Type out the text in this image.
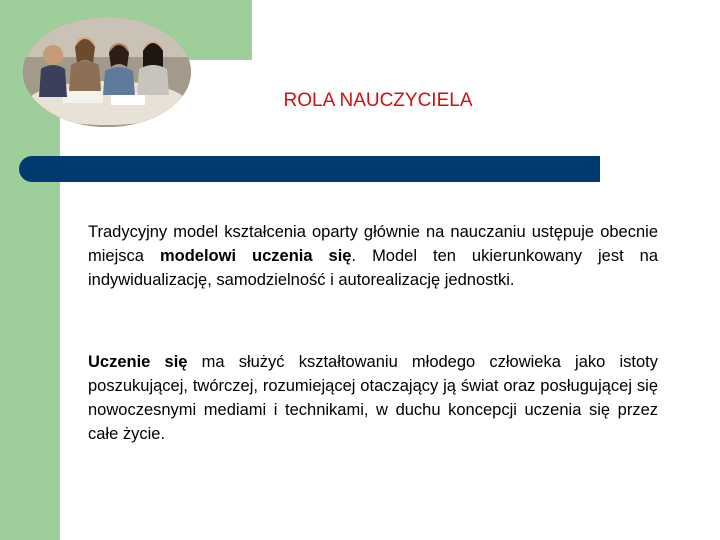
ROLA NAUCZYCIELA

Tradycyjny model kształcenia oparty głównie na nauczaniu ustępuje obecnie miejsca modelowi uczenia się. Model ten ukierunkowany jest na indywidualizację, samodzielność i autorealizację jednostki.

Uczenie się ma służyć kształtowaniu młodego człowieka jako istoty poszukującej, twórczej, rozumiejącej otaczający ją świat oraz posługującej się nowoczesnymi mediami i technikami, w duchu koncepcji uczenia się przez całe życie.
